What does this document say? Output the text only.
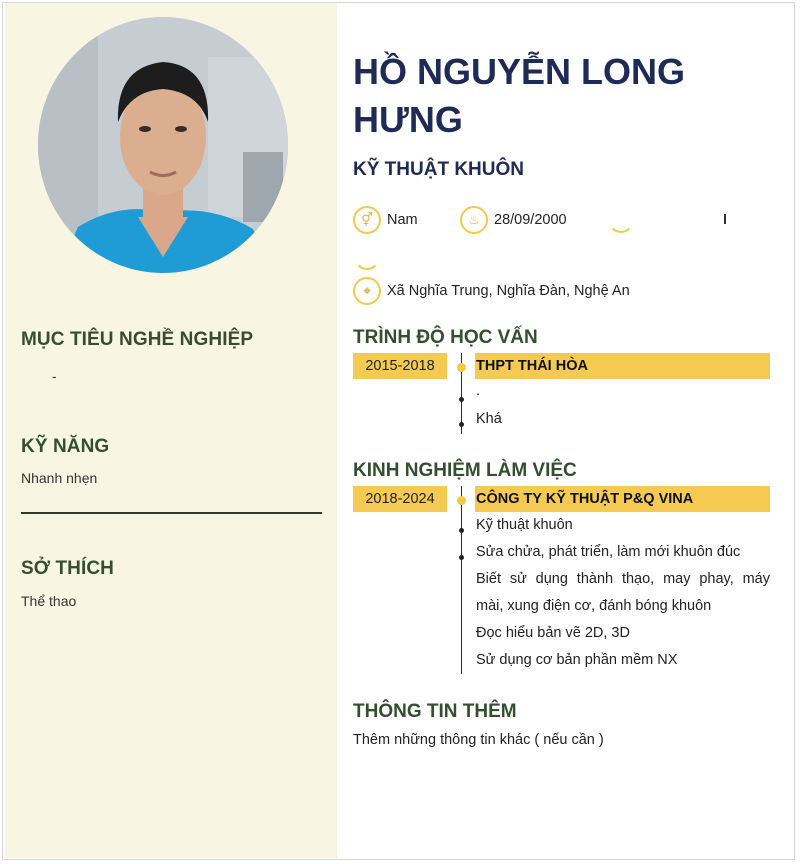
MỤC TIÊU NGHỀ NGHIỆP
-
KỸ NĂNG
Nhanh nhẹn
SỞ THÍCH
Thể thao
HỒ NGUYỄN LONG HƯNG
KỸ THUẬT KHUÔN
⚥ Nam	♨ 28/09/2000
⌖	Xã Nghĩa Trung, Nghĩa Đàn, Nghệ An
TRÌNH ĐỘ HỌC VẤN
2015-2018	THPT THÁI HÒA
.
Khá
KINH NGHIỆM LÀM VIỆC
2018-2024	CÔNG TY KỸ THUẬT P&Q VINA
Kỹ thuật khuôn
Sửa chửa, phát triển, làm mới khuôn đúc
Biết sử dụng thành thạo, may phay, máy
mài, xung điện cơ, đánh bóng khuôn
Đọc hiểu bản vẽ 2D, 3D
Sử dụng cơ bản phần mềm NX
THÔNG TIN THÊM
Thêm những thông tin khác ( nếu cần )
